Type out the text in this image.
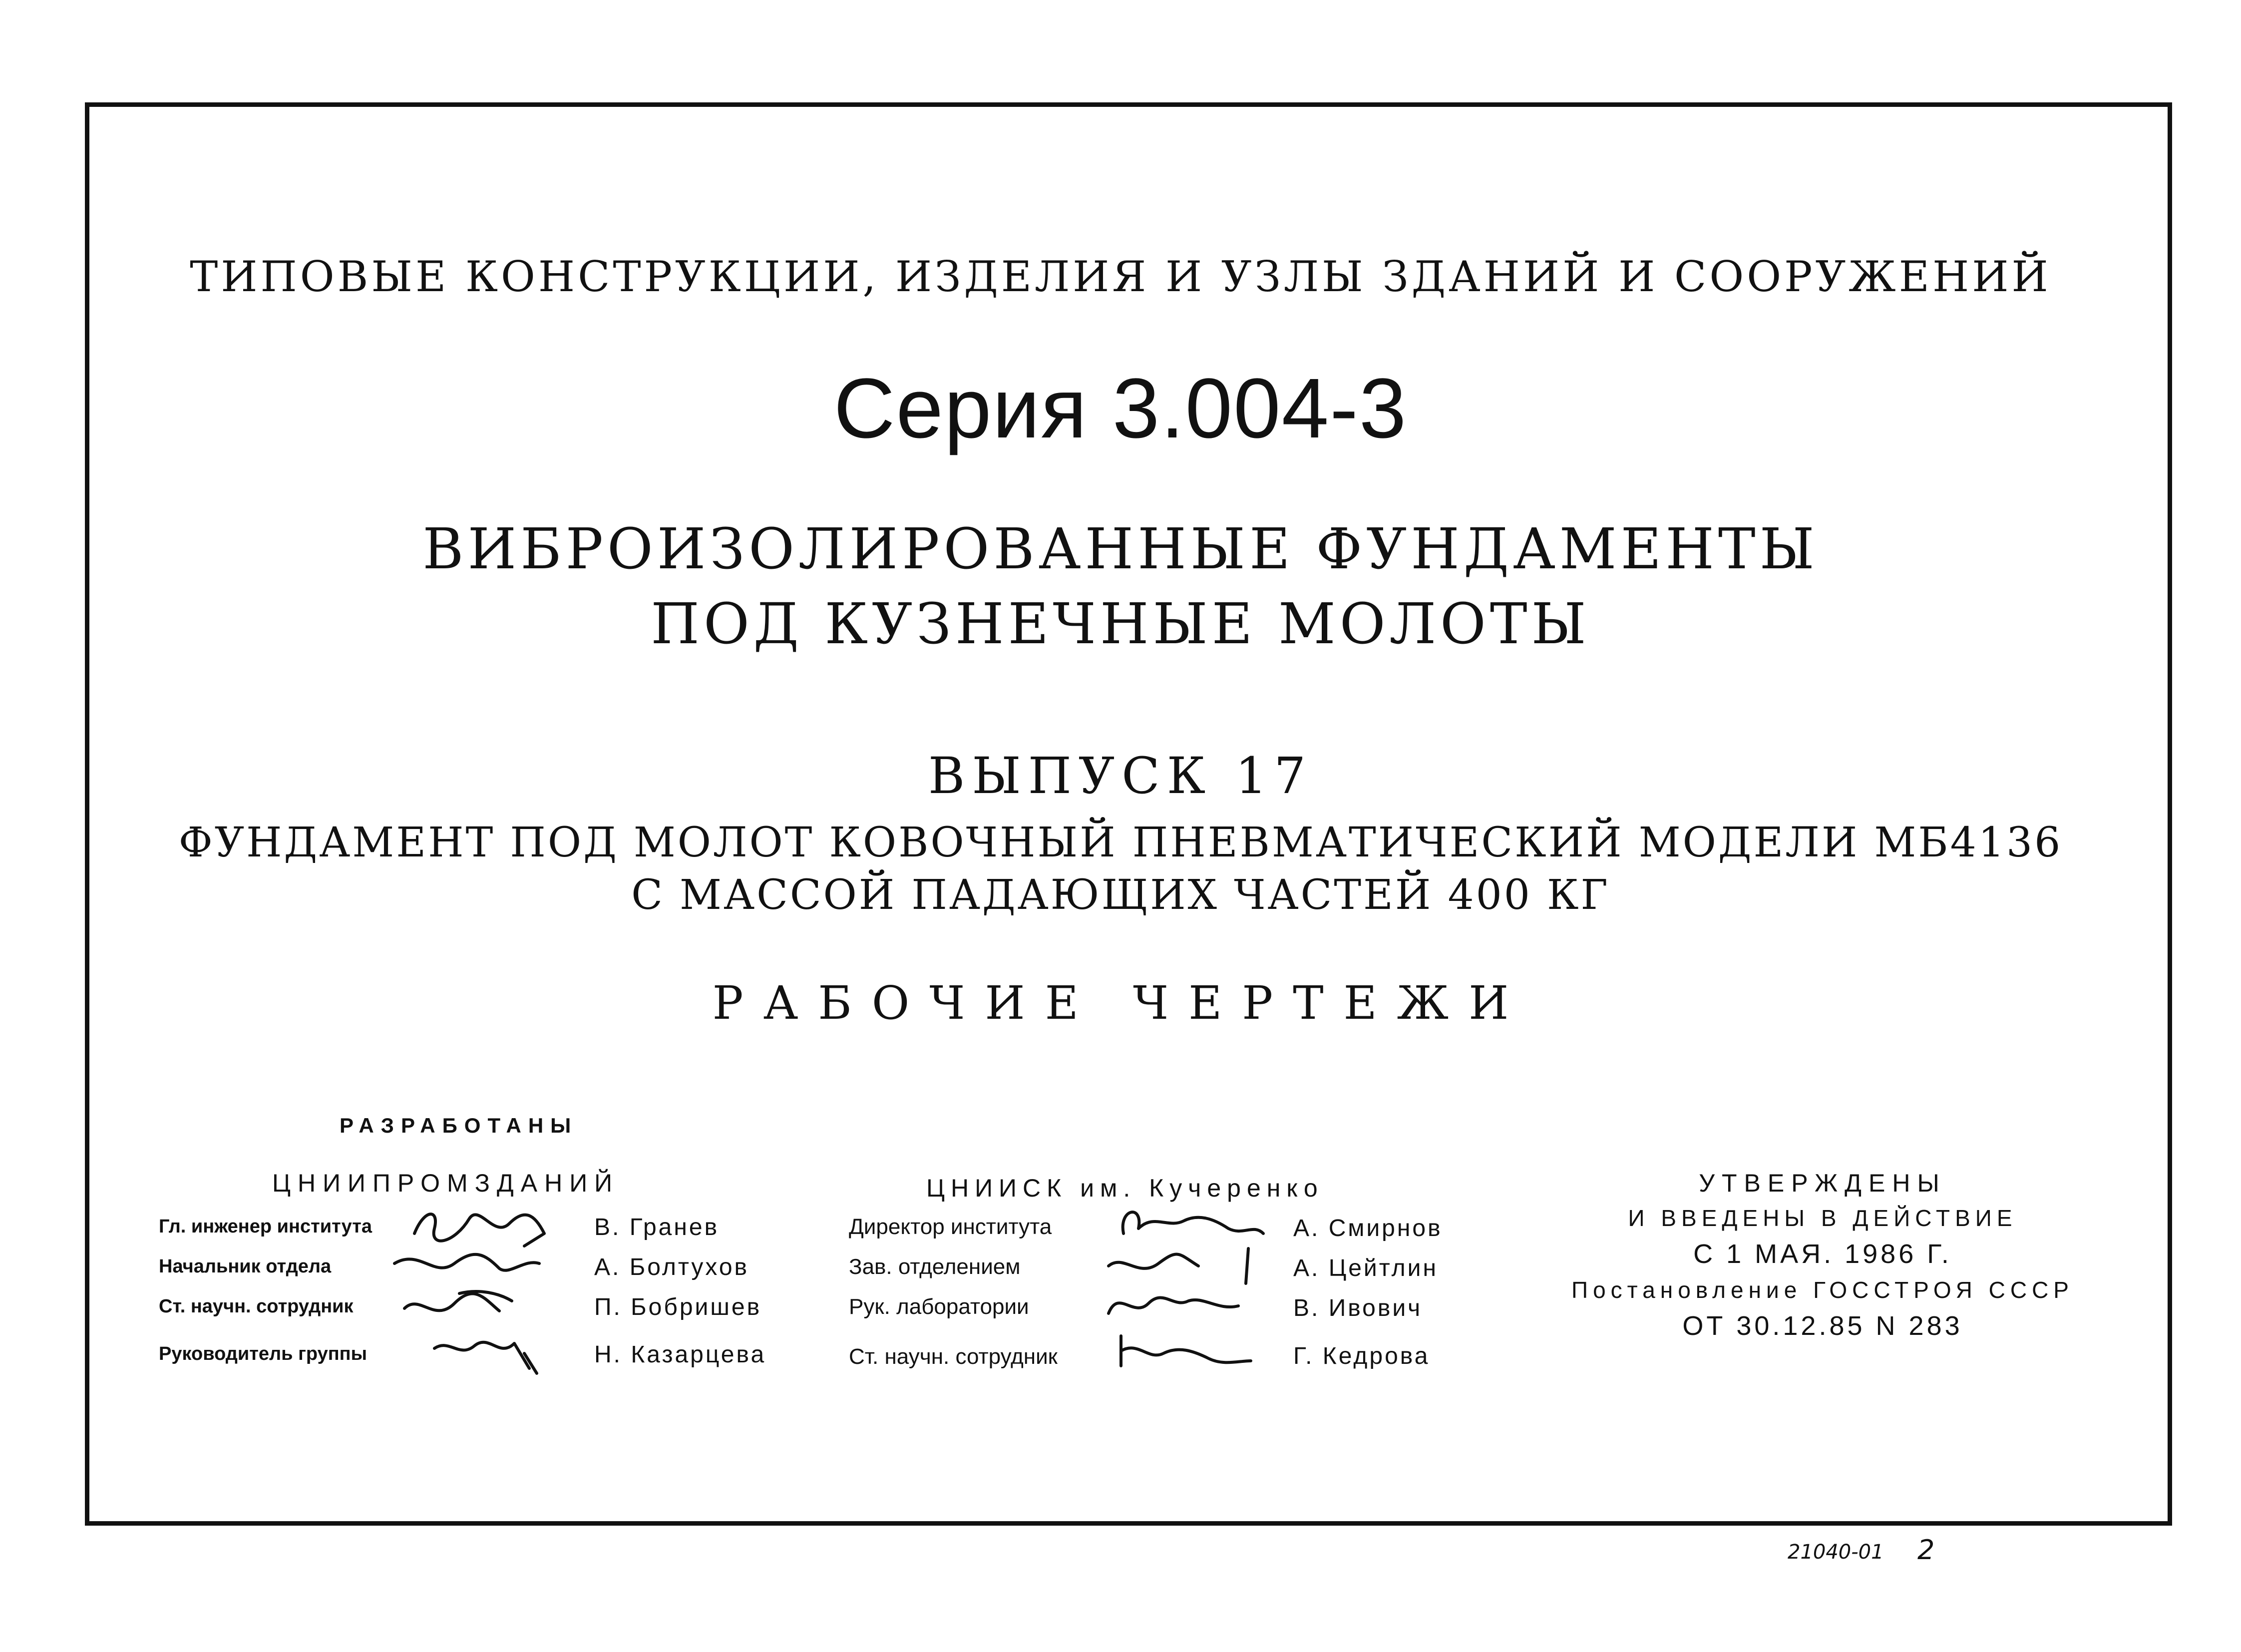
ТИПОВЫЕ КОНСТРУКЦИИ, ИЗДЕЛИЯ И УЗЛЫ ЗДАНИЙ И СООРУЖЕНИЙ
Серия 3.004-3
ВИБРОИЗОЛИРОВАННЫЕ ФУНДАМЕНТЫ
ПОД КУЗНЕЧНЫЕ МОЛОТЫ
ВЫПУСК 17
ФУНДАМЕНТ ПОД МОЛОТ КОВОЧНЫЙ ПНЕВМАТИЧЕСКИЙ МОДЕЛИ МБ4136
С МАССОЙ ПАДАЮЩИХ ЧАСТЕЙ 400 КГ
РАБОЧИЕ ЧЕРТЕЖИ
РАЗРАБОТАНЫ
ЦНИИПРОМЗДАНИЙ	ЦНИИСК им. Кучеренко
Гл. инженер института
Начальник отдела
Ст. научн. сотрудник
Руководитель группы
В. Гранев
А. Болтухов
П. Бобришев
Н. Казарцева
Директор института
Зав. отделением
Рук. лаборатории
Ст. научн. сотрудник
А. Смирнов
А. Цейтлин
В. Ивович
Г. Кедрова
УТВЕРЖДЕНЫ
И ВВЕДЕНЫ В ДЕЙСТВИЕ
С 1 МАЯ. 1986 Г.
Постановление ГОССТРОЯ СССР
ОТ 30.12.85 N 283
21040-01 2
